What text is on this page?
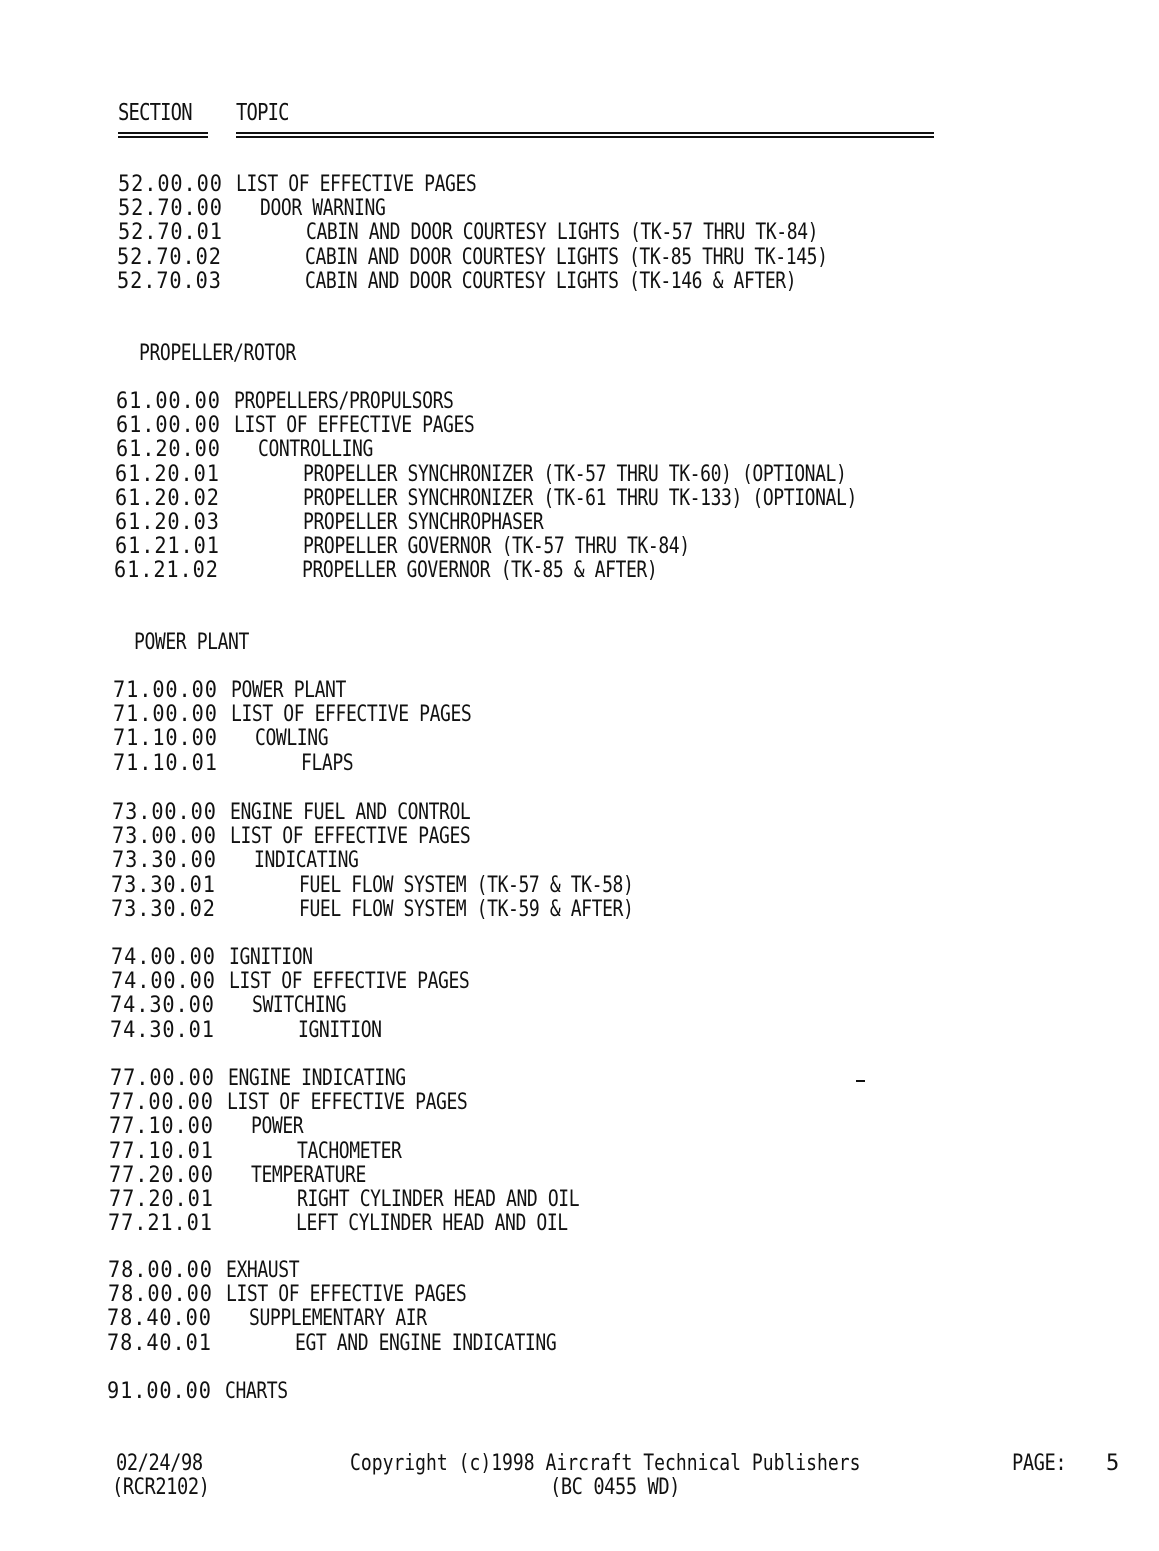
SECTION TOPIC
52.00.00 LIST OF EFFECTIVE PAGES
52.70.00 DOOR WARNING
52.70.01	CABIN AND DOOR COURTESY LIGHTS (TK-57 THRU TK-84)
52.70.02	CABIN AND DOOR COURTESY LIGHTS (TK-85 THRU TK-145)
52.70.03	CABIN AND DOOR COURTESY LIGHTS (TK-146 & AFTER)
PROPELLER/ROTOR
61.00.00 PROPELLERS/PROPULSORS
61.00.00 LIST OF EFFECTIVE PAGES
61.20.00 CONTROLLING
61.20.01	PROPELLER SYNCHRONIZER (TK-57 THRU TK-60) (OPTIONAL)
61.20.02	PROPELLER SYNCHRONIZER (TK-61 THRU TK-133) (OPTIONAL)
61.20.03	PROPELLER SYNCHROPHASER
61.21.01	PROPELLER GOVERNOR (TK-57 THRU TK-84)
61.21.02	PROPELLER GOVERNOR (TK-85 & AFTER)
POWER PLANT
71.00.00 POWER PLANT
71.00.00 LIST OF EFFECTIVE PAGES
71.10.00 COWLING
71.10.01	FLAPS
73.00.00 ENGINE FUEL AND CONTROL
73.00.00 LIST OF EFFECTIVE PAGES
73.30.00 INDICATING
73.30.01	FUEL FLOW SYSTEM (TK-57 & TK-58)
73.30.02	FUEL FLOW SYSTEM (TK-59 & AFTER)
74.00.00 IGNITION
74.00.00 LIST OF EFFECTIVE PAGES
74.30.00 SWITCHING
74.30.01	IGNITION
77.00.00 ENGINE INDICATING
77.00.00 LIST OF EFFECTIVE PAGES
77.10.00 POWER
77.10.01	TACHOMETER
77.20.00 TEMPERATURE
77.20.01	RIGHT CYLINDER HEAD AND OIL
77.21.01	LEFT CYLINDER HEAD AND OIL
78.00.00 EXHAUST
78.00.00 LIST OF EFFECTIVE PAGES
78.40.00 SUPPLEMENTARY AIR
78.40.01	EGT AND ENGINE INDICATING
91.00.00 CHARTS
02/24/98
(RCR2102)
Copyright (c)1998 Aircraft Technical Publishers
(BC 0455 WD)
PAGE: 5
